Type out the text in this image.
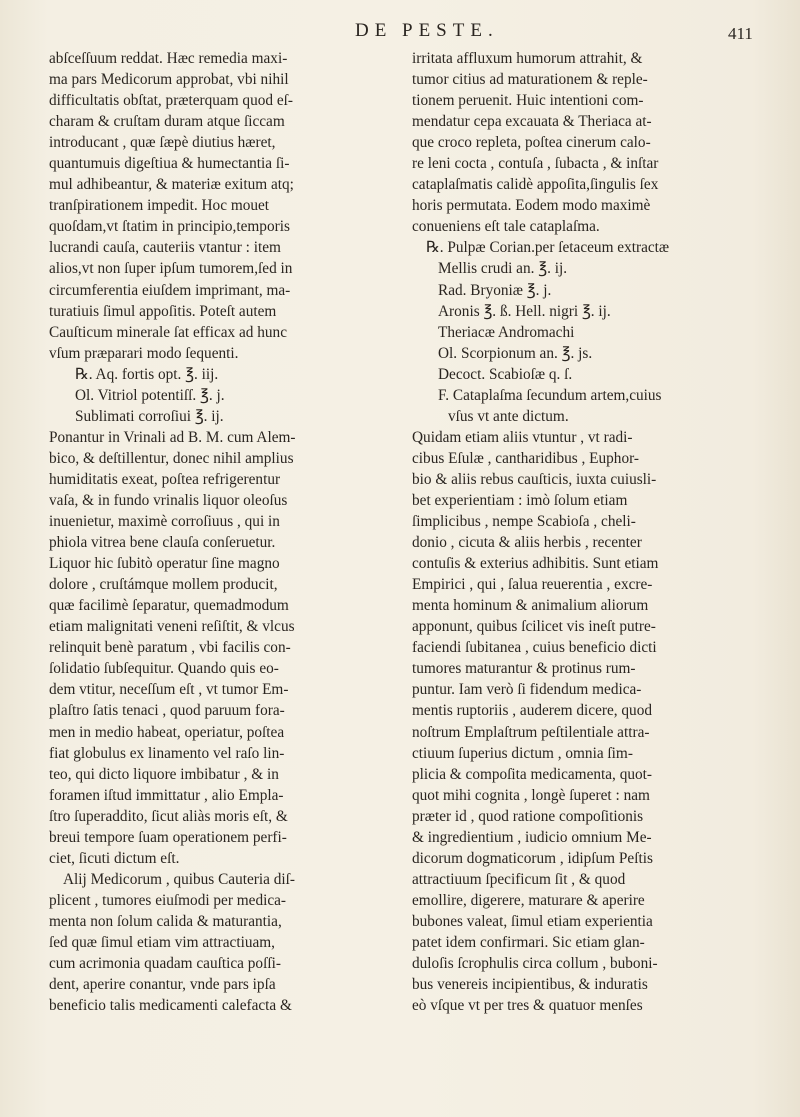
DE PESTE.	411
abſceſſuum reddat. Hæc remedia maxi-
ma pars Medicorum approbat, vbi nihil
difficultatis obſtat, præterquam quod eſ-
charam & cruſtam duram atque ſiccam
introducant , quæ ſæpè diutius hæret,
quantumuis digeſtiua & humectantia ſi-
mul adhibeantur, & materiæ exitum atq;
tranſpirationem impedit. Hoc mouet
quoſdam,vt ſtatim in principio,temporis
lucrandi cauſa, cauteriis vtantur : item
alios,vt non ſuper ipſum tumorem,ſed in
circumferentia eiuſdem imprimant, ma-
turatiuis ſimul appoſitis. Poteſt autem
Cauſticum minerale ſat efficax ad hunc
vſum præparari modo ſequenti.
℞. Aq. fortis opt. ℥. iij.
Ol. Vitriol potentiſſ. ℥. j.
Sublimati corroſiui ℥. ij.
Ponantur in Vrinali ad B. M. cum Alem-
bico, & deſtillentur, donec nihil amplius
humiditatis exeat, poſtea refrigerentur
vaſa, & in fundo vrinalis liquor oleoſus
inuenietur, maximè corroſiuus , qui in
phiola vitrea bene clauſa conſeruetur.
Liquor hic ſubitò operatur ſine magno
dolore , cruſtámque mollem producit,
quæ facilimè ſeparatur, quemadmodum
etiam malignitati veneni reſiſtit, & vlcus
relinquit benè paratum , vbi facilis con-
ſolidatio ſubſequitur. Quando quis eo-
dem vtitur, neceſſum eſt , vt tumor Em-
plaſtro ſatis tenaci , quod paruum fora-
men in medio habeat, operiatur, poſtea
fiat globulus ex linamento vel raſo lin-
teo, qui dicto liquore imbibatur , & in
foramen iſtud immittatur , alio Empla-
ſtro ſuperaddito, ſicut aliàs moris eſt, &
breui tempore ſuam operationem perfi-
ciet, ſicuti dictum eſt.
Alij Medicorum , quibus Cauteria diſ-
plicent , tumores eiuſmodi per medica-
menta non ſolum calida & maturantia,
ſed quæ ſimul etiam vim attractiuam,
cum acrimonia quadam cauſtica poſſi-
dent, aperire conantur, vnde pars ipſa
beneficio talis medicamenti calefacta &
irritata affluxum humorum attrahit, &
tumor citius ad maturationem & reple-
tionem peruenit. Huic intentioni com-
mendatur cepa excauata & Theriaca at-
que croco repleta, poſtea cinerum calo-
re leni cocta , contuſa , ſubacta , & inſtar
cataplaſmatis calidè appoſita,ſingulis ſex
horis permutata. Eodem modo maximè
conueniens eſt tale cataplaſma.
℞. Pulpæ Corian.per ſetaceum extractæ
Mellis crudi an. ℥. ij.
Rad. Bryoniæ ℥. j.
Aronis ℥. ß. Hell. nigri ℥. ij.
Theriacæ Andromachi
Ol. Scorpionum an. ℥. js.
Decoct. Scabioſæ q. ſ.
F. Cataplaſma ſecundum artem,cuius
vſus vt ante dictum.
Quidam etiam aliis vtuntur , vt radi-
cibus Eſulæ , cantharidibus , Euphor-
bio & aliis rebus cauſticis, iuxta cuiusli-
bet experientiam : imò ſolum etiam
ſimplicibus , nempe Scabioſa , cheli-
donio , cicuta & aliis herbis , recenter
contuſis & exterius adhibitis. Sunt etiam
Empirici , qui , ſalua reuerentia , excre-
menta hominum & animalium aliorum
apponunt, quibus ſcilicet vis ineſt putre-
faciendi ſubitanea , cuius beneficio dicti
tumores maturantur & protinus rum-
puntur. Iam verò ſi fidendum medica-
mentis ruptoriis , auderem dicere, quod
noſtrum Emplaſtrum peſtilentiale attra-
ctiuum ſuperius dictum , omnia ſim-
plicia & compoſita medicamenta, quot-
quot mihi cognita , longè ſuperet : nam
præter id , quod ratione compoſitionis
& ingredientium , iudicio omnium Me-
dicorum dogmaticorum , idipſum Peſtis
attractiuum ſpecificum ſit , & quod
emollire, digerere, maturare & aperire
bubones valeat, ſimul etiam experientia
patet idem confirmari. Sic etiam glan-
duloſis ſcrophulis circa collum , buboni-
bus venereis incipientibus, & induratis
eò vſque vt per tres & quatuor menſes
